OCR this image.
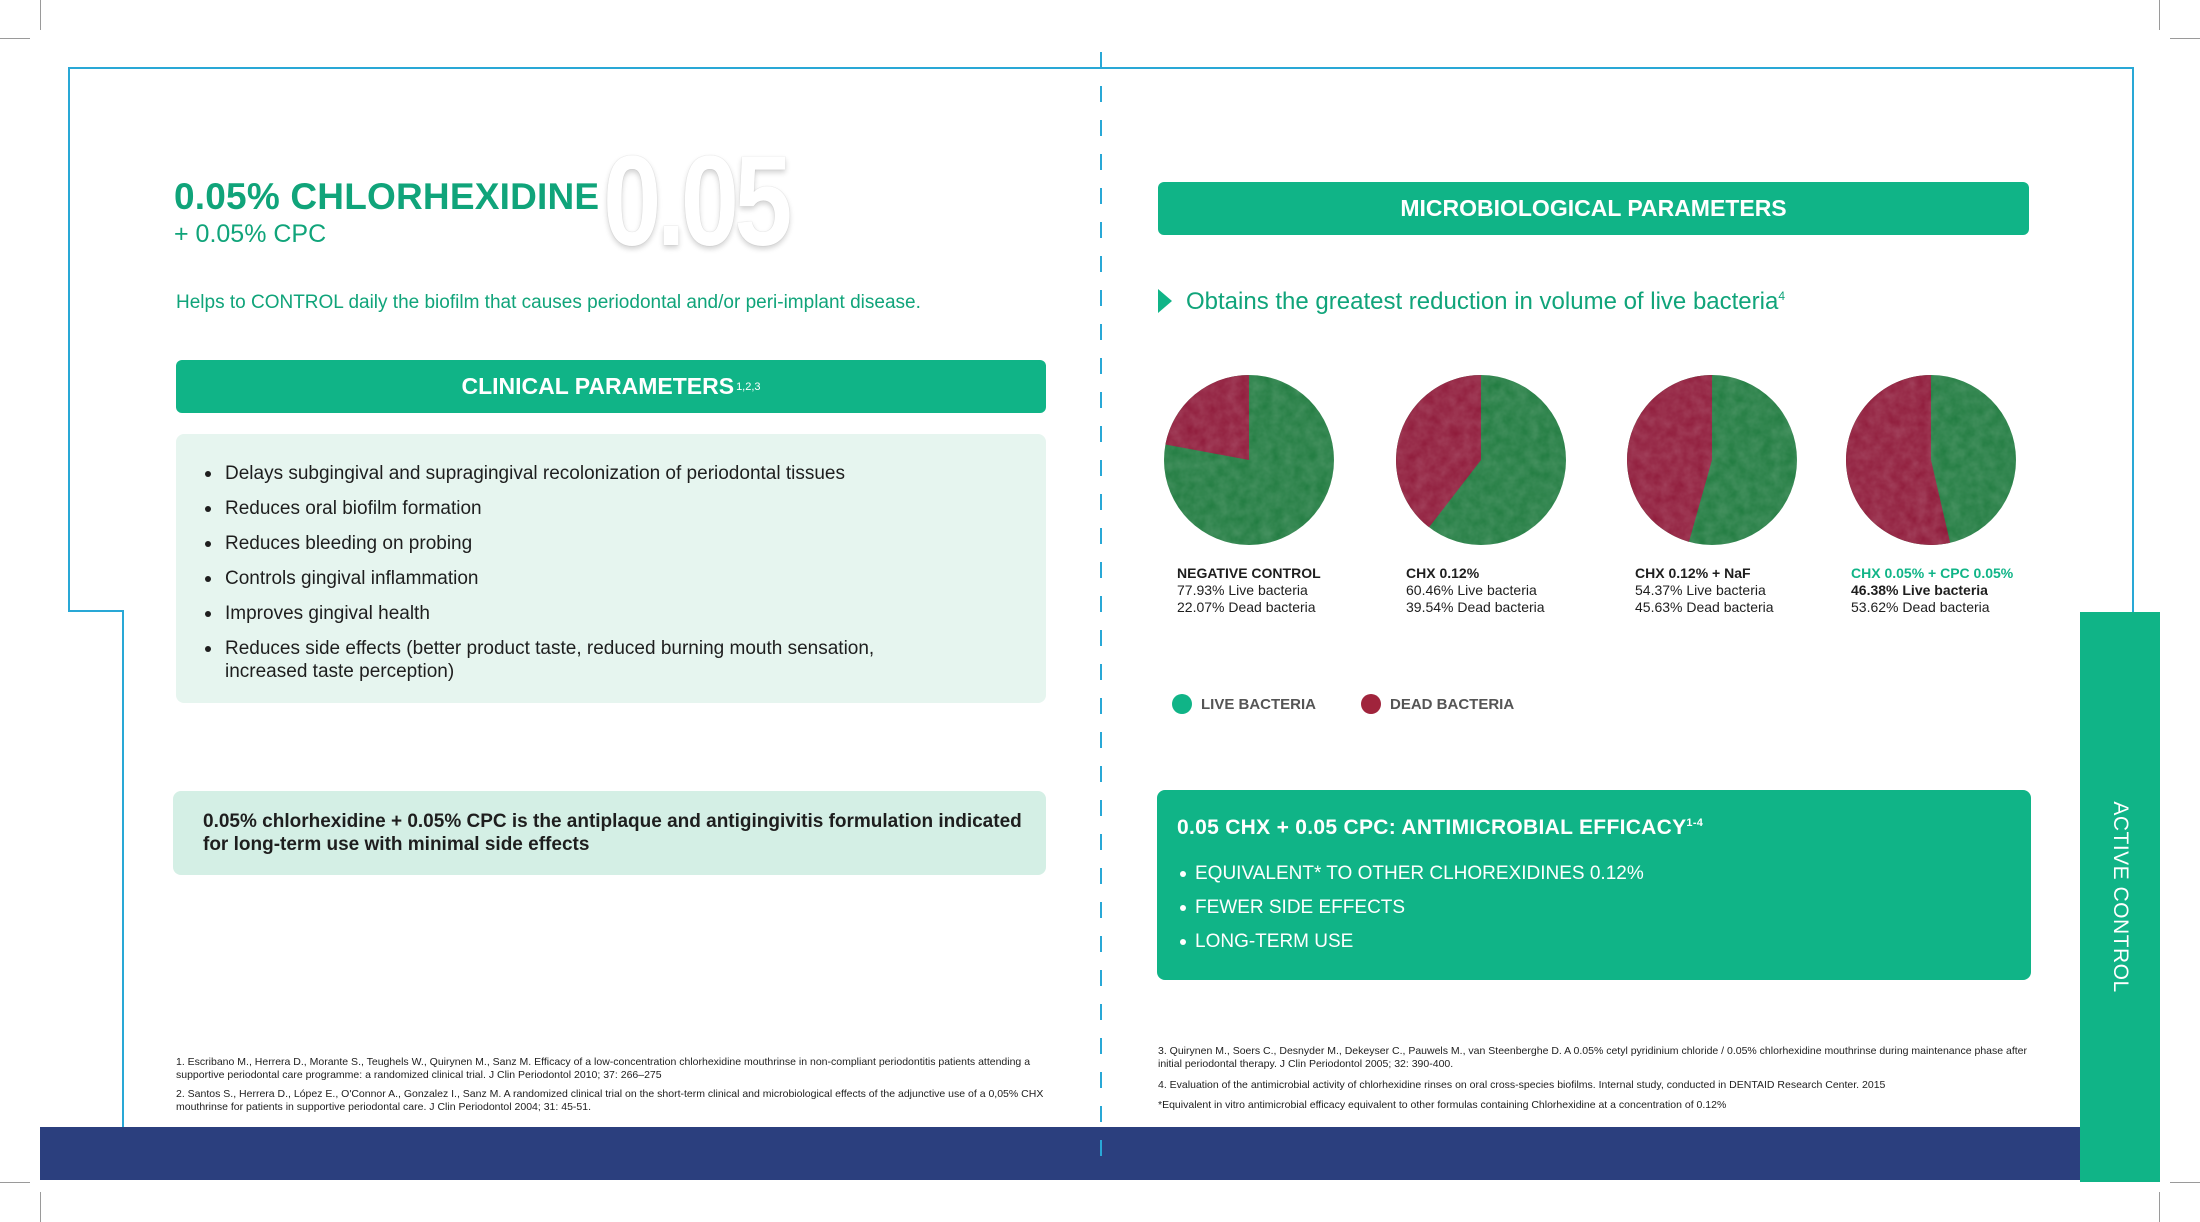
ACTIVE CONTROL
0.05
0.05% CHLORHEXIDINE
+ 0.05% CPC
Helps to CONTROL daily the biofilm that causes periodontal and/or peri-implant disease.
CLINICAL PARAMETERS 1,2,3
Delays subgingival and supragingival recolonization of periodontal tissues
Reduces oral biofilm formation
Reduces bleeding on probing
Controls gingival inflammation
Improves gingival health
Reduces side effects (better product taste, reduced burning mouth sensation, increased taste perception)
0.05% chlorhexidine + 0.05% CPC is the antiplaque and antigingivitis formulation indicated for long-term use with minimal side effects
1. Escribano M., Herrera D., Morante S., Teughels W., Quirynen M., Sanz M. Efficacy of a low-concentration chlorhexidine mouthrinse in non-compliant periodontitis patients attending a supportive periodontal care programme: a randomized clinical trial. J Clin Periodontol 2010; 37: 266–275
2. Santos S., Herrera D., López E., O'Connor A., Gonzalez I., Sanz M. A randomized clinical trial on the short-term clinical and microbiological effects of the adjunctive use of a 0,05% CHX mouthrinse for patients in supportive periodontal care. J Clin Periodontol 2004; 31: 45-51.
MICROBIOLOGICAL PARAMETERS
Obtains the greatest reduction in volume of live bacteria$^4$
NEGATIVE CONTROL
77.93% Live bacteria
22.07% Dead bacteria
CHX 0.12%
60.46% Live bacteria
39.54% Dead bacteria
CHX 0.12% + NaF
54.37% Live bacteria
45.63% Dead bacteria
CHX 0.05% + CPC 0.05%
46.38% Live bacteria
53.62% Dead bacteria
LIVE BACTERIA	DEAD BACTERIA
0.05 CHX + 0.05 CPC: ANTIMICROBIAL EFFICACY$^{1-4}$
EQUIVALENT* TO OTHER CLHOREXIDINES 0.12%
FEWER SIDE EFFECTS
LONG-TERM USE
3. Quirynen M., Soers C., Desnyder M., Dekeyser C., Pauwels M., van Steenberghe D. A 0.05% cetyl pyridinium chloride / 0.05% chlorhexidine mouthrinse during maintenance phase after initial periodontal therapy. J Clin Periodontol 2005; 32: 390-400.
4. Evaluation of the antimicrobial activity of chlorhexidine rinses on oral cross-species biofilms. Internal study, conducted in DENTAID Research Center. 2015
*Equivalent in vitro antimicrobial efficacy equivalent to other formulas containing Chlorhexidine at a concentration of 0.12%
